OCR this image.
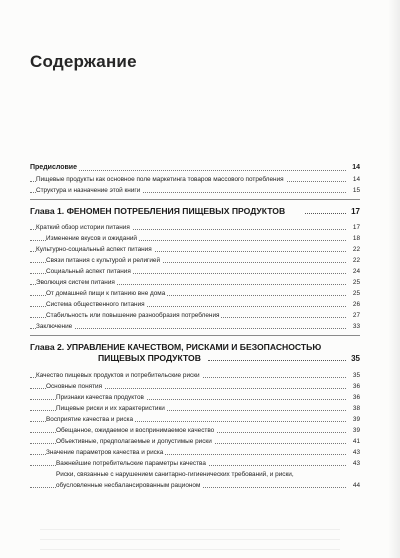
Содержание
Предисловие	14
Пищевые продукты как основное поле маркетинга товаров массового потребления	14
Структура и назначение этой книги	15
Глава 1. ФЕНОМЕН ПОТРЕБЛЕНИЯ ПИЩЕВЫХ ПРОДУКТОВ	17
Краткий обзор истории питания	17
Изменение вкусов и ожиданий	18
Культурно-социальный аспект питания	22
Связи питания с культурой и религией	22
Социальный аспект питания	24
Эволюция систем питания	25
От домашней пищи к питанию вне дома	25
Система общественного питания	26
Стабильность или повышение разнообразия потребления	27
Заключение	33
Глава 2. УПРАВЛЕНИЕ КАЧЕСТВОМ, РИСКАМИ И БЕЗОПАСНОСТЬЮ
ПИЩЕВЫХ ПРОДУКТОВ	35
Качество пищевых продуктов и потребительские риски	35
Основные понятия	36
Признаки качества продуктов	36
Пищевые риски и их характеристики	38
Восприятие качества и риска	39
Обещанное, ожидаемое и воспринимаемое качество	39
Объективные, предполагаемые и допустимые риски	41
Значение параметров качества и риска	43
Важнейшие потребительские параметры качества	43
Риски, связанные с нарушением санитарно-гигиенических требований, и риски,
обусловленные несбалансированным рационом	44
